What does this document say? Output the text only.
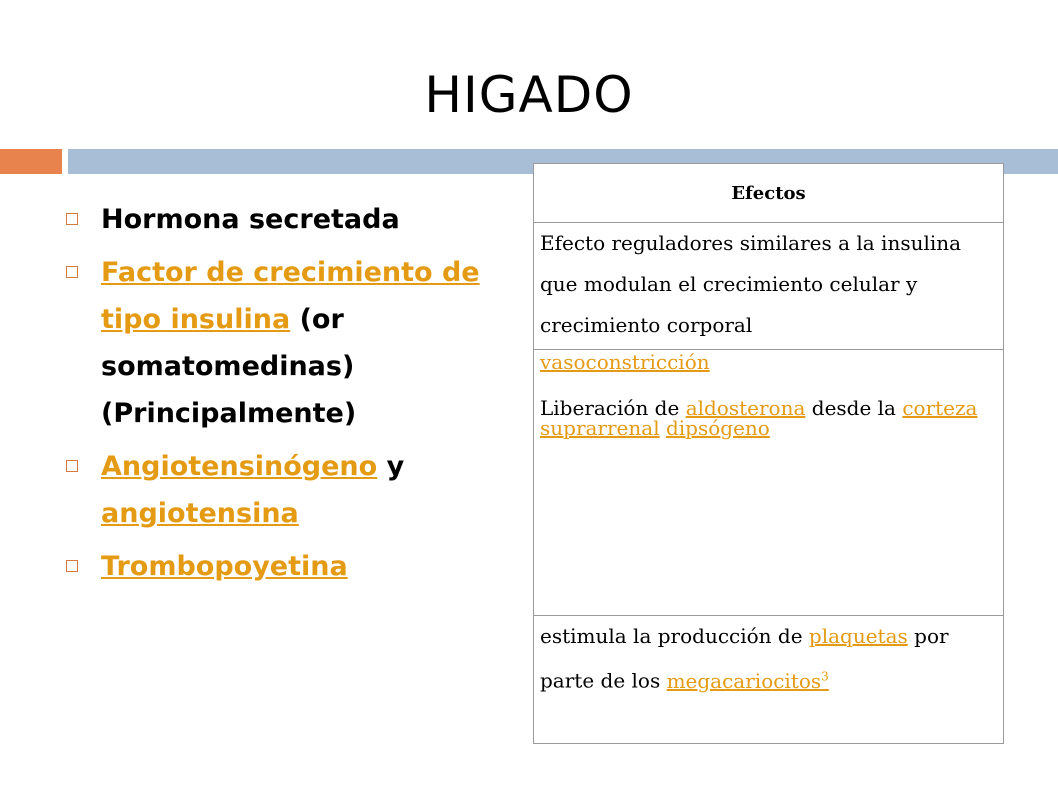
HIGADO
Hormona secretada
Factor de crecimiento de tipo insulina (or somatomedinas) (Principalmente)
Angiotensinógeno y angiotensina
Trombopoyetina
Efectos
Efecto reguladores similares a la insulina que modulan el crecimiento celular y crecimiento corporal

vasoconstricción
Liberación de aldosterona desde la corteza suprarrenal dipsógeno

estimula la producción de plaquetas por parte de los megacariocitos$^3$
